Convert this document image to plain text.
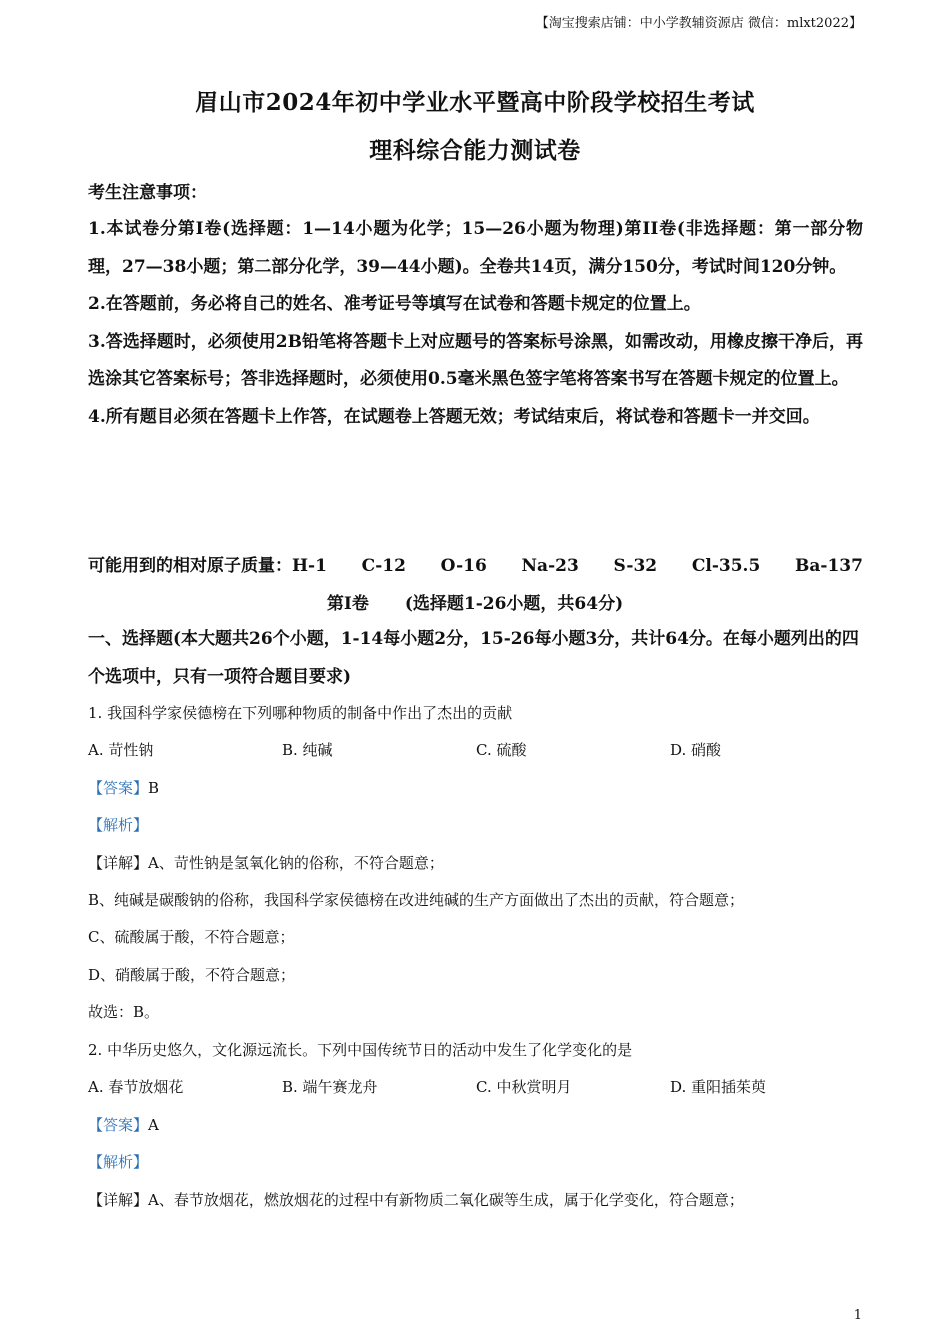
【淘宝搜索店铺：中小学教辅资源店 微信：mlxt2022】
眉山市2024年初中学业水平暨高中阶段学校招生考试
理科综合能力测试卷
考生注意事项：

1.本试卷分第I卷(选择题：1—14小题为化学；15—26小题为物理)第II卷(非选择题：第一部分物理，27—38小题；第二部分化学，39—44小题)。全卷共14页，满分150分，考试时间120分钟。

2.在答题前，务必将自己的姓名、准考证号等填写在试卷和答题卡规定的位置上。

3.答选择题时，必须使用2B铅笔将答题卡上对应题号的答案标号涂黑，如需改动，用橡皮擦干净后，再选涂其它答案标号；答非选择题时，必须使用0.5毫米黑色签字笔将答案书写在答题卡规定的位置上。

4.所有题目必须在答题卡上作答，在试题卷上答题无效；考试结束后，将试卷和答题卡一并交回。

可能用到的相对原子质量：H-1 C-12 O-16 Na-23 S-32 Cl-35.5 Ba-137
第I卷 (选择题1-26小题，共64分)
一、选择题(本大题共26个小题，1-14每小题2分，15-26每小题3分，共计64分。在每小题列出的四个选项中，只有一项符合题目要求)

1. 我国科学家侯德榜在下列哪种物质的制备中作出了杰出的贡献

A. 苛性钠	B. 纯碱	C. 硫酸	D. 硝酸

【答案】B

【解析】

【详解】A、苛性钠是氢氧化钠的俗称，不符合题意；

B、纯碱是碳酸钠的俗称，我国科学家侯德榜在改进纯碱的生产方面做出了杰出的贡献，符合题意；

C、硫酸属于酸，不符合题意；

D、硝酸属于酸，不符合题意；

故选：B。

2. 中华历史悠久，文化源远流长。下列中国传统节日的活动中发生了化学变化的是

A. 春节放烟花	B. 端午赛龙舟	C. 中秋赏明月	D. 重阳插茱萸

【答案】A

【解析】

【详解】A、春节放烟花，燃放烟花的过程中有新物质二氧化碳等生成，属于化学变化，符合题意；

1
